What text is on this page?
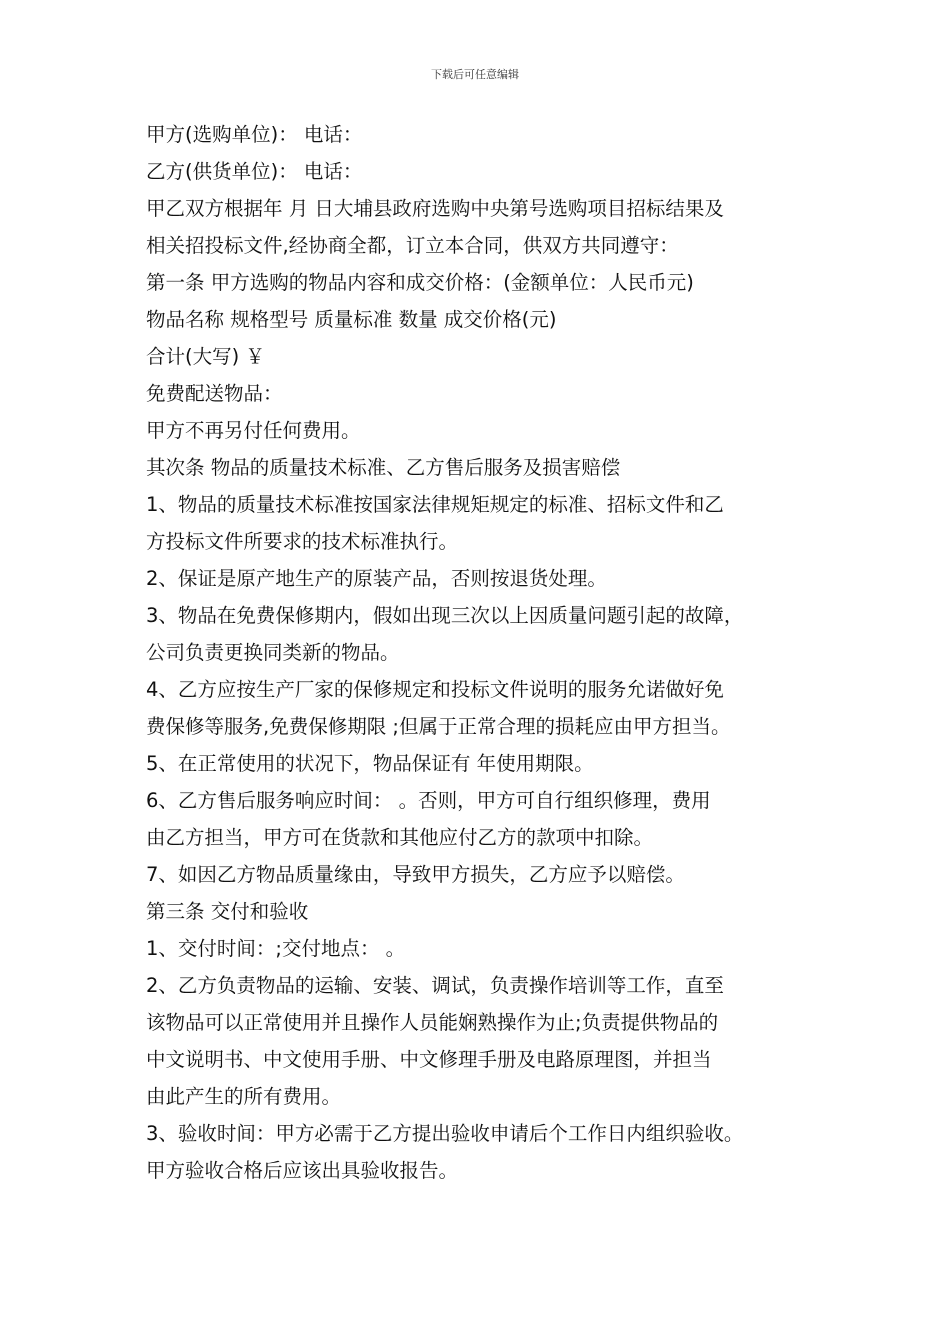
下载后可任意编辑
甲方(选购单位)： 电话：
乙方(供货单位)： 电话：
甲乙双方根据年 月 日大埔县政府选购中央第号选购项目招标结果及
相关招投标文件,经协商全都，订立本合同，供双方共同遵守：
第一条 甲方选购的物品内容和成交价格：(金额单位：人民币元)
物品名称 规格型号 质量标准 数量 成交价格(元)
合计(大写) ￥
免费配送物品：
甲方不再另付任何费用。
其次条 物品的质量技术标准、乙方售后服务及损害赔偿
1、物品的质量技术标准按国家法律规矩规定的标准、招标文件和乙
方投标文件所要求的技术标准执行。
2、保证是原产地生产的原装产品，否则按退货处理。
3、物品在免费保修期内，假如出现三次以上因质量问题引起的故障，
公司负责更换同类新的物品。
4、乙方应按生产厂家的保修规定和投标文件说明的服务允诺做好免
费保修等服务,免费保修期限 ;但属于正常合理的损耗应由甲方担当。
5、在正常使用的状况下，物品保证有 年使用期限。
6、乙方售后服务响应时间： 。否则，甲方可自行组织修理，费用
由乙方担当，甲方可在货款和其他应付乙方的款项中扣除。
7、如因乙方物品质量缘由，导致甲方损失，乙方应予以赔偿。
第三条 交付和验收
1、交付时间：;交付地点： 。
2、乙方负责物品的运输、安装、调试，负责操作培训等工作，直至
该物品可以正常使用并且操作人员能娴熟操作为止;负责提供物品的
中文说明书、中文使用手册、中文修理手册及电路原理图，并担当
由此产生的所有费用。
3、验收时间：甲方必需于乙方提出验收申请后个工作日内组织验收。
甲方验收合格后应该出具验收报告。
